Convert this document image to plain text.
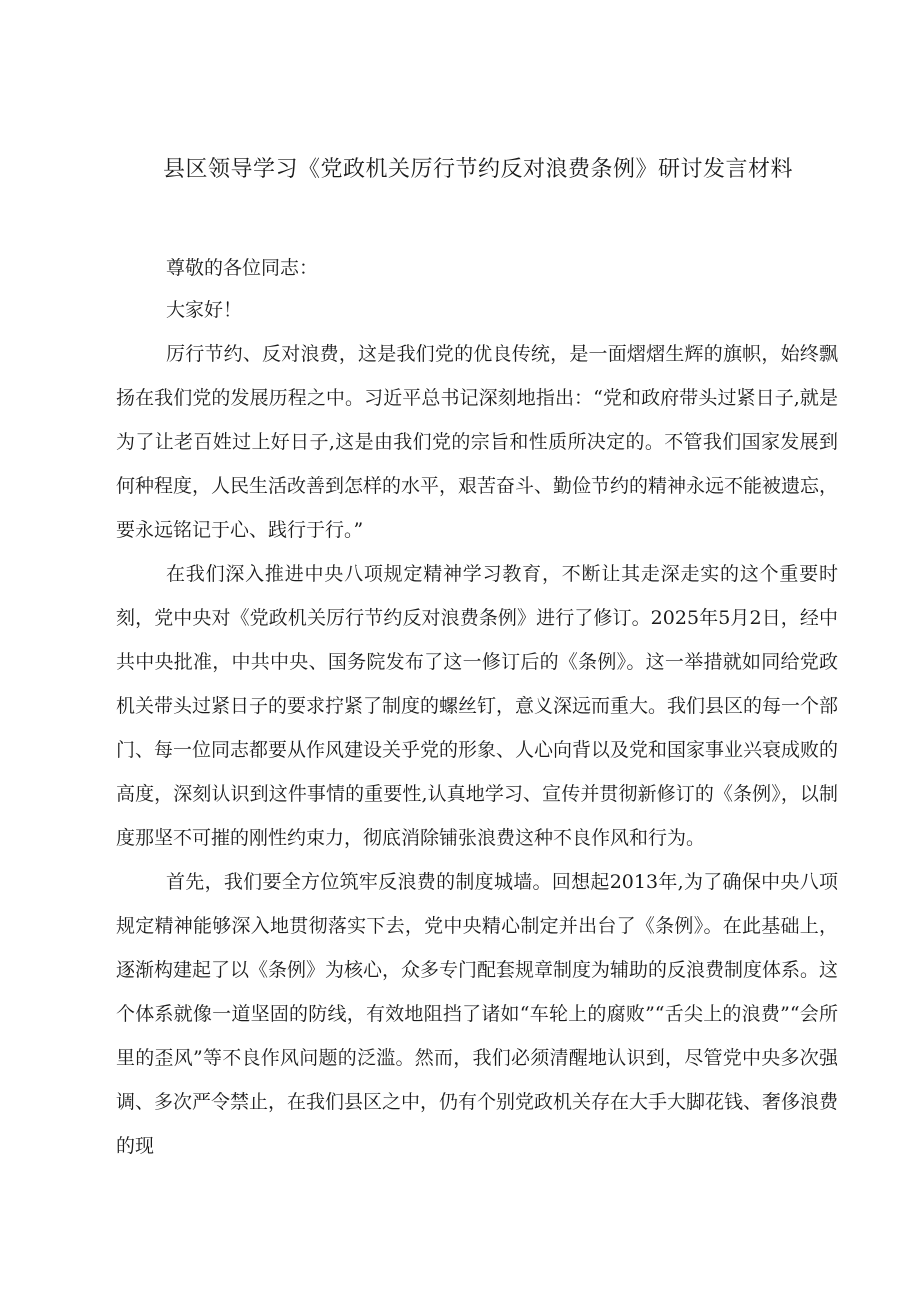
县区领导学习《党政机关厉行节约反对浪费条例》研讨发言材料

尊敬的各位同志：

大家好！

厉行节约、反对浪费，这是我们党的优良传统，是一面熠熠生辉的旗帜，始终飘扬在我们党的发展历程之中。习近平总书记深刻地指出：“党和政府带头过紧日子,就是为了让老百姓过上好日子,这是由我们党的宗旨和性质所决定的。不管我们国家发展到何种程度，人民生活改善到怎样的水平，艰苦奋斗、勤俭节约的精神永远不能被遗忘，要永远铭记于心、践行于行。”

在我们深入推进中央八项规定精神学习教育，不断让其走深走实的这个重要时刻，党中央对《党政机关厉行节约反对浪费条例》进行了修订。2025年5月2日，经中共中央批准，中共中央、国务院发布了这一修订后的《条例》。这一举措就如同给党政机关带头过紧日子的要求拧紧了制度的螺丝钉，意义深远而重大。我们县区的每一个部门、每一位同志都要从作风建设关乎党的形象、人心向背以及党和国家事业兴衰成败的高度，深刻认识到这件事情的重要性,认真地学习、宣传并贯彻新修订的《条例》，以制度那坚不可摧的刚性约束力，彻底消除铺张浪费这种不良作风和行为。

首先，我们要全方位筑牢反浪费的制度城墙。回想起2013年,为了确保中央八项规定精神能够深入地贯彻落实下去，党中央精心制定并出台了《条例》。在此基础上，逐渐构建起了以《条例》为核心，众多专门配套规章制度为辅助的反浪费制度体系。这个体系就像一道坚固的防线，有效地阻挡了诸如“车轮上的腐败”“舌尖上的浪费”“会所里的歪风”等不良作风问题的泛滥。然而，我们必须清醒地认识到，尽管党中央多次强调、多次严令禁止，在我们县区之中，仍有个别党政机关存在大手大脚花钱、奢侈浪费的现
